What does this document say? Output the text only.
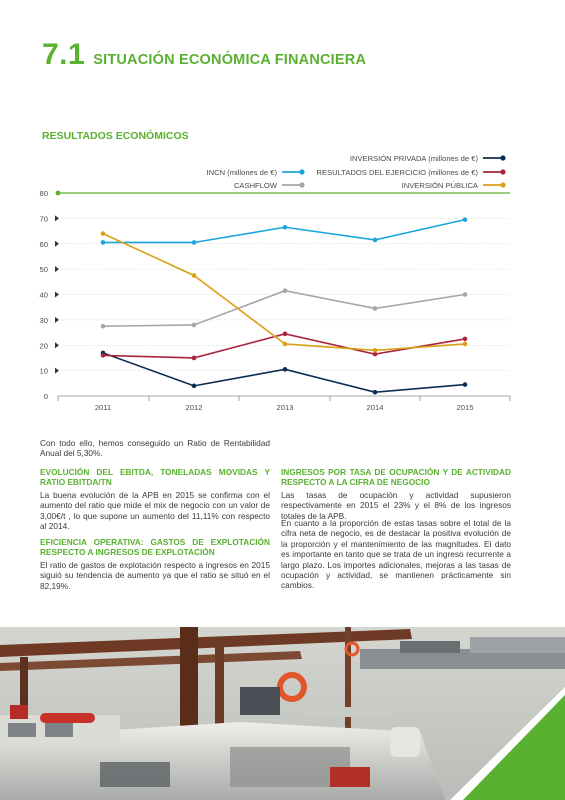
7.1 SITUACIÓN ECONÓMICA FINANCIERA
RESULTADOS ECONÓMICOS
INVERSIÓN PRIVADA (millones de €)
INCN (millones de €)	RESULTADOS DEL EJERCICIO (millones de €)
CASHFLOW	INVERSIÓN PÚBLICA
0
10
20
30
40
50
60
70
80
2011	2012	2013	2014	2015
Con todo ello, hemos conseguido un Ratio de Rentabilidad Anual del 5,30%.
EVOLUCIÓN DEL EBITDA, TONELADAS MOVIDAS Y RATIO EBITDA/TN
La buena evolución de la APB en 2015 se confirma con el aumento del ratio que mide el mix de negocio con un valor de 3,00€/t , lo que supone un aumento del 11,11% con respecto al 2014.
EFICIENCIA OPERATIVA: GASTOS DE EXPLOTACIÓN RESPECTO A INGRESOS DE EXPLOTACIÓN
El ratio de gastos de explotación respecto a ingresos en 2015 siguió su tendencia de aumento ya que el ratio se situó en el 82,19%.
INGRESOS POR TASA DE OCUPACIÓN Y DE ACTIVIDAD RESPECTO A LA CIFRA DE NEGOCIO
Las tasas de ocupación y actividad supusieron respectivamente en 2015 el 23% y el 8% de los ingresos totales de la APB.
En cuanto a la proporción de estas tasas sobre el total de la cifra neta de negocio, es de destacar la positiva evolución de la proporción y el mantenimiento de las magnitudes. El dato es importante en tanto que se trata de un ingreso recurrente a largo plazo. Los importes adicionales, mejoras a las tasas de ocupación y actividad, se mantienen prácticamente sin cambios.
